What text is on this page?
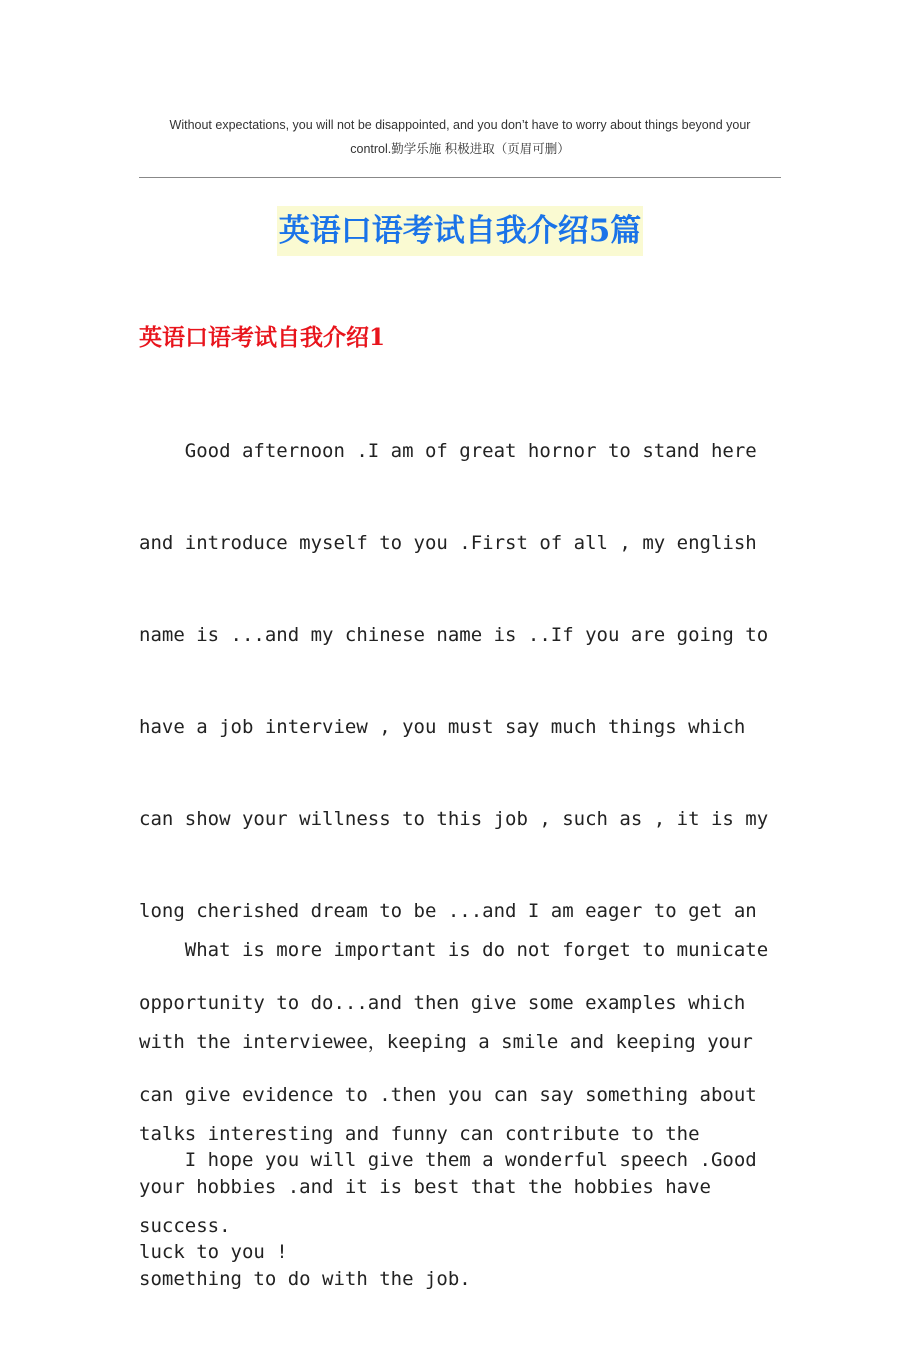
Without expectations, you will not be disappointed, and you don’t have to worry about things beyond your
control.勤学乐施 积极进取（页眉可删）
英语口语考试自我介绍5篇
英语口语考试自我介绍1

Good afternoon .I am of great hornor to stand here

and introduce myself to you .First of all , my english

name is ...and my chinese name is ..If you are going to

have a job interview , you must say much things which

can show your willness to this job , such as , it is my

long cherished dream to be ...and I am eager to get an

opportunity to do...and then give some examples which

can give evidence to .then you can say something about

your hobbies .and it is best that the hobbies have

something to do with the job.

What is more important is do not forget to municate

with the interviewee，keeping a smile and keeping your

talks interesting and funny can contribute to the

success.

I hope you will give them a wonderful speech .Good

luck to you !
